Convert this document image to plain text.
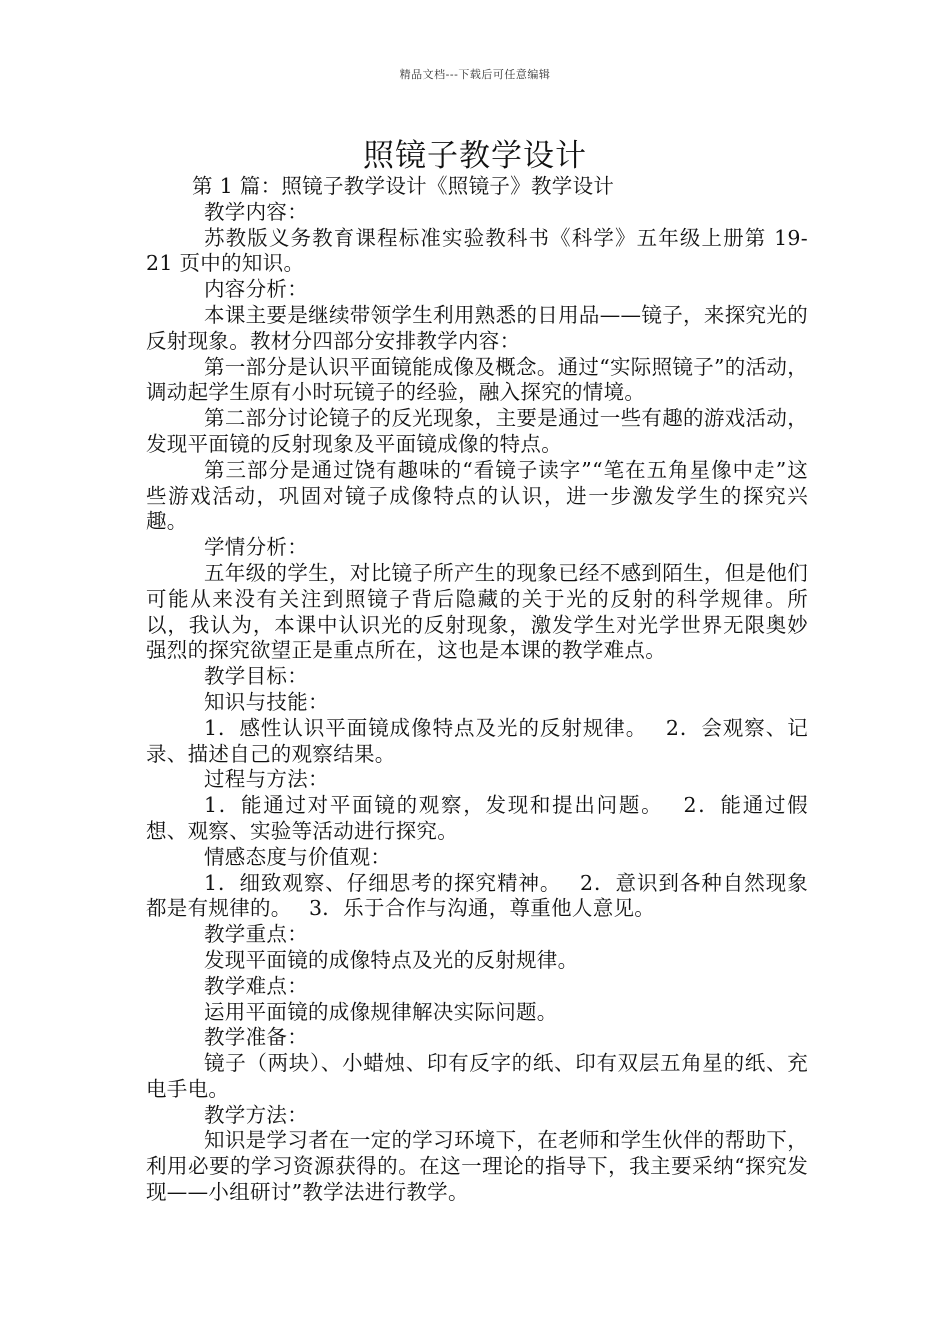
精品文档---下载后可任意编辑
照镜子教学设计

第 1 篇：照镜子教学设计《照镜子》教学设计

教学内容：

苏教版义务教育课程标准实验教科书《科学》五年级上册第 19-21 页中的知识。

内容分析：

本课主要是继续带领学生利用熟悉的日用品——镜子，来探究光的反射现象。教材分四部分安排教学内容：

第一部分是认识平面镜能成像及概念。通过“实际照镜子”的活动，调动起学生原有小时玩镜子的经验，融入探究的情境。

第二部分讨论镜子的反光现象，主要是通过一些有趣的游戏活动，发现平面镜的反射现象及平面镜成像的特点。

第三部分是通过饶有趣味的“看镜子读字”“笔在五角星像中走”这些游戏活动，巩固对镜子成像特点的认识，进一步激发学生的探究兴趣。

学情分析：

五年级的学生，对比镜子所产生的现象已经不感到陌生，但是他们可能从来没有关注到照镜子背后隐藏的关于光的反射的科学规律。所以，我认为，本课中认识光的反射现象，激发学生对光学世界无限奥妙强烈的探究欲望正是重点所在，这也是本课的教学难点。

教学目标：

知识与技能：

1．感性认识平面镜成像特点及光的反射规律。　 2．会观察、记录、描述自己的观察结果。

过程与方法：

1．能通过对平面镜的观察，发现和提出问题。　 2．能通过假想、观察、实验等活动进行探究。

情感态度与价值观：

1．细致观察、仔细思考的探究精神。　 2．意识到各种自然现象都是有规律的。　 3．乐于合作与沟通，尊重他人意见。

教学重点：

发现平面镜的成像特点及光的反射规律。

教学难点：

运用平面镜的成像规律解决实际问题。

教学准备：

镜子（两块）、小蜡烛、印有反字的纸、印有双层五角星的纸、充电手电。

教学方法：

知识是学习者在一定的学习环境下，在老师和学生伙伴的帮助下，利用必要的学习资源获得的。在这一理论的指导下，我主要采纳“探究发现——小组研讨”教学法进行教学。
